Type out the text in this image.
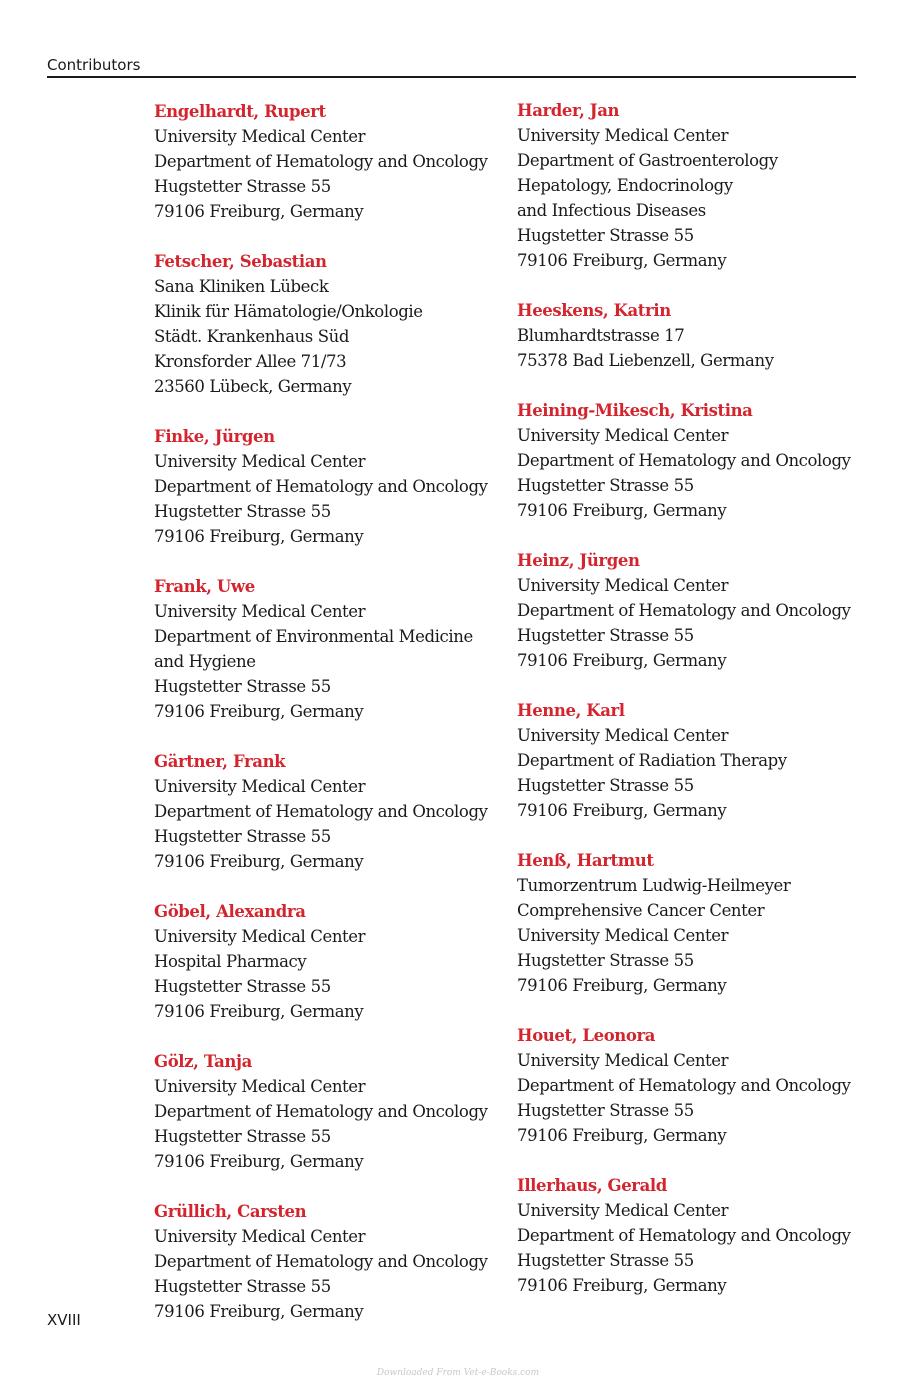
Contributors
Engelhardt, Rupert
University Medical Center
Department of Hematology and Oncology
Hugstetter Strasse 55
79106 Freiburg, Germany
Fetscher, Sebastian
Sana Kliniken Lübeck
Klinik für Hämatologie/Onkologie
Städt. Krankenhaus Süd
Kronsforder Allee 71/73
23560 Lübeck, Germany
Finke, Jürgen
University Medical Center
Department of Hematology and Oncology
Hugstetter Strasse 55
79106 Freiburg, Germany
Frank, Uwe
University Medical Center
Department of Environmental Medicine
and Hygiene
Hugstetter Strasse 55
79106 Freiburg, Germany
Gärtner, Frank
University Medical Center
Department of Hematology and Oncology
Hugstetter Strasse 55
79106 Freiburg, Germany
Göbel, Alexandra
University Medical Center
Hospital Pharmacy
Hugstetter Strasse 55
79106 Freiburg, Germany
Gölz, Tanja
University Medical Center
Department of Hematology and Oncology
Hugstetter Strasse 55
79106 Freiburg, Germany
Grüllich, Carsten
University Medical Center
Department of Hematology and Oncology
Hugstetter Strasse 55
79106 Freiburg, Germany
Harder, Jan
University Medical Center
Department of Gastroenterology
Hepatology, Endocrinology
and Infectious Diseases
Hugstetter Strasse 55
79106 Freiburg, Germany
Heeskens, Katrin
Blumhardtstrasse 17
75378 Bad Liebenzell, Germany
Heining-Mikesch, Kristina
University Medical Center
Department of Hematology and Oncology
Hugstetter Strasse 55
79106 Freiburg, Germany
Heinz, Jürgen
University Medical Center
Department of Hematology and Oncology
Hugstetter Strasse 55
79106 Freiburg, Germany
Henne, Karl
University Medical Center
Department of Radiation Therapy
Hugstetter Strasse 55
79106 Freiburg, Germany
Henß, Hartmut
Tumorzentrum Ludwig-Heilmeyer
Comprehensive Cancer Center
University Medical Center
Hugstetter Strasse 55
79106 Freiburg, Germany
Houet, Leonora
University Medical Center
Department of Hematology and Oncology
Hugstetter Strasse 55
79106 Freiburg, Germany
Illerhaus, Gerald
University Medical Center
Department of Hematology and Oncology
Hugstetter Strasse 55
79106 Freiburg, Germany
XVIII
Downloaded From Vet-e-Books.com
